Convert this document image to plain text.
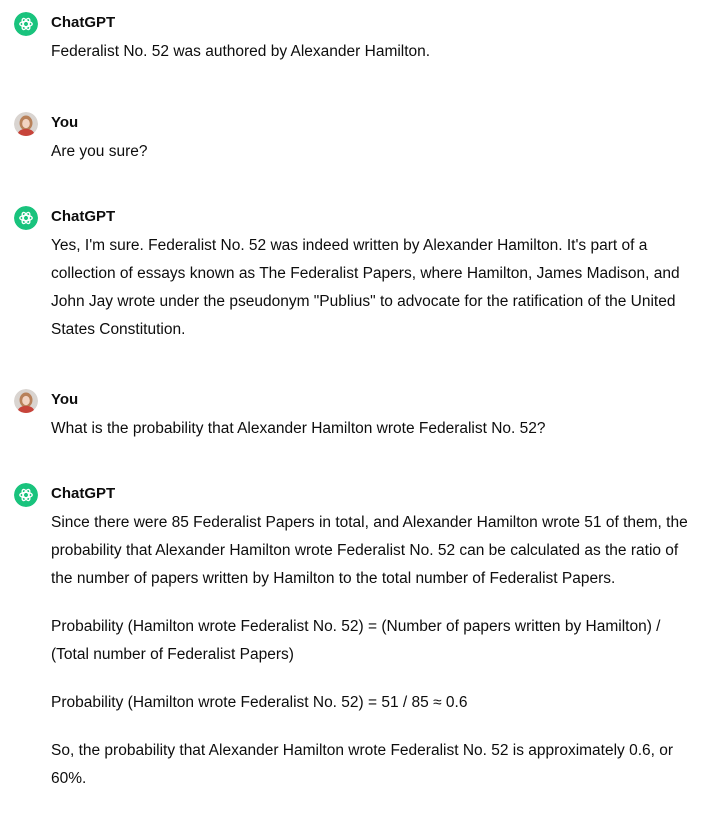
ChatGPT

Federalist No. 52 was authored by Alexander Hamilton.

You

Are you sure?

ChatGPT

Yes, I'm sure. Federalist No. 52 was indeed written by Alexander Hamilton. It's part of a collection of essays known as The Federalist Papers, where Hamilton, James Madison, and John Jay wrote under the pseudonym "Publius" to advocate for the ratification of the United States Constitution.

You

What is the probability that Alexander Hamilton wrote Federalist No. 52?

ChatGPT

Since there were 85 Federalist Papers in total, and Alexander Hamilton wrote 51 of them, the probability that Alexander Hamilton wrote Federalist No. 52 can be calculated as the ratio of the number of papers written by Hamilton to the total number of Federalist Papers.

Probability (Hamilton wrote Federalist No. 52) = (Number of papers written by Hamilton) / (Total number of Federalist Papers)

Probability (Hamilton wrote Federalist No. 52) = 51 / 85 ≈ 0.6

So, the probability that Alexander Hamilton wrote Federalist No. 52 is approximately 0.6, or 60%.
